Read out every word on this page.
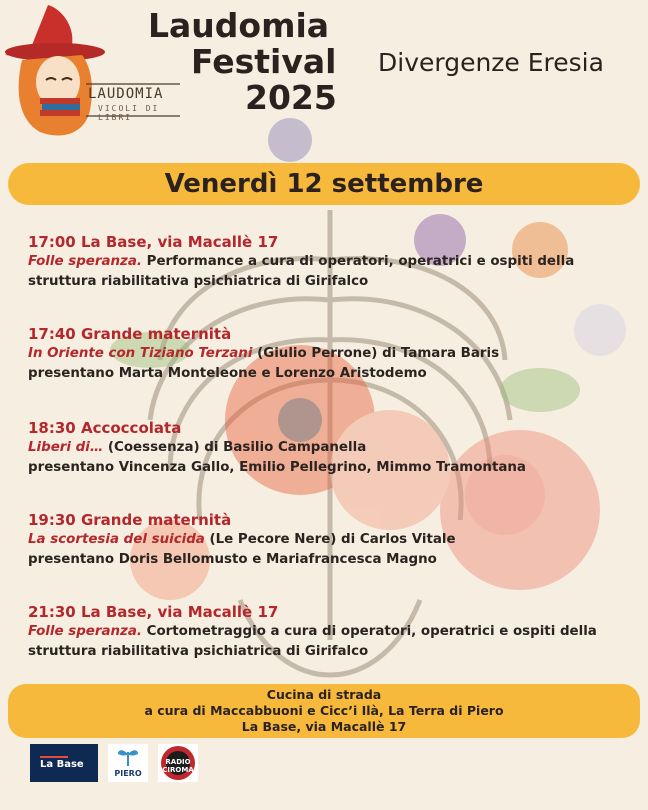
LAUDOMIA
VICOLI DI LIBRI
Laudomia
Festival
2025
Divergenze Eresia
Venerdì 12 settembre
17:00 La Base, via Macallè 17
Folle speranza. Performance a cura di operatori, operatrici e ospiti della
struttura riabilitativa psichiatrica di Girifalco
17:40 Grande maternità
In Oriente con Tiziano Terzani (Giulio Perrone) di Tamara Baris
presentano Marta Monteleone e Lorenzo Aristodemo
18:30 Accoccolata
Liberi di… (Coessenza) di Basilio Campanella
presentano Vincenza Gallo, Emilio Pellegrino, Mimmo Tramontana
19:30 Grande maternità
La scortesia del suicida (Le Pecore Nere) di Carlos Vitale
presentano Doris Bellomusto e Mariafrancesca Magno
21:30 La Base, via Macallè 17
Folle speranza. Cortometraggio a cura di operatori, operatrici e ospiti della
struttura riabilitativa psichiatrica di Girifalco
Cucina di strada
a cura di Maccabbuoni e Cicc’i Ilà, La Terra di Piero
La Base, via Macallè 17
La Base
PIERO
RADIO CIROMA
